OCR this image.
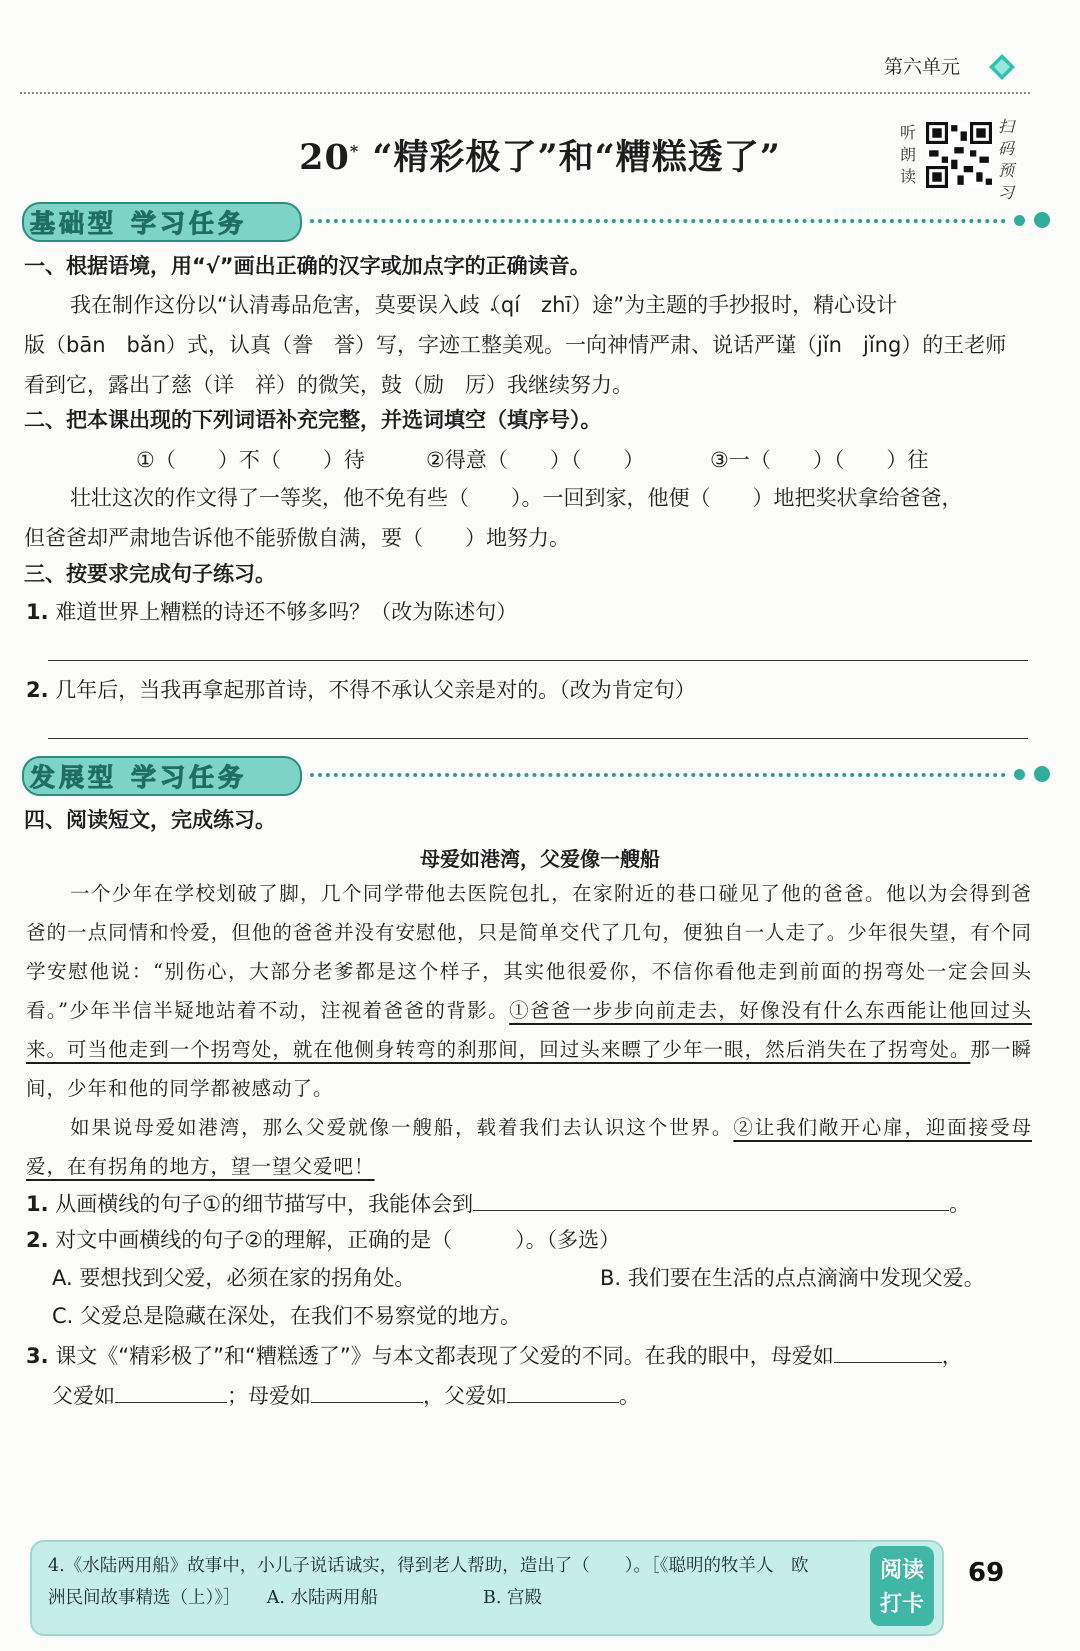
第六单元
20* “精彩极了”和“糟糕透了”
听朗读
扫码预习
基础型 学习任务
一、根据语境，用“√”画出正确的汉字或加点字的正确读音。
我在制作这份以“认清毒品危害，莫要误入歧（qí　zhī）途”为主题的手抄报时，精心设计
版（bān　bǎn）式，认真（誊　誉）写，字迹工整美观。一向神情严肃、说话严谨（jǐn　jǐng）的王老师
看到它，露出了慈（详　祥）的微笑，鼓（励　厉）我继续努力。
二、把本课出现的下列词语补充完整，并选词填空（填序号）。
①（　　）不（　　）待	②得意（　　）（　　）	③一（　　）（　　）往
壮壮这次的作文得了一等奖，他不免有些（　　）。一回到家，他便（　　）地把奖状拿给爸爸，
但爸爸却严肃地告诉他不能骄傲自满，要（　　）地努力。
三、按要求完成句子练习。
1. 难道世界上糟糕的诗还不够多吗？（改为陈述句）
2. 几年后，当我再拿起那首诗，不得不承认父亲是对的。（改为肯定句）
发展型 学习任务
四、阅读短文，完成练习。
母爱如港湾，父爱像一艘船
一个少年在学校划破了脚，几个同学带他去医院包扎，在家附近的巷口碰见了他的爸爸。他以为会得到爸爸的一点同情和怜爱，但他的爸爸并没有安慰他，只是简单交代了几句，便独自一人走了。少年很失望，有个同学安慰他说：“别伤心，大部分老爹都是这个样子，其实他很爱你，不信你看他走到前面的拐弯处一定会回头看。”少年半信半疑地站着不动，注视着爸爸的背影。①爸爸一步步向前走去，好像没有什么东西能让他回过头来。可当他走到一个拐弯处，就在他侧身转弯的刹那间，回过头来瞟了少年一眼，然后消失在了拐弯处。那一瞬间，少年和他的同学都被感动了。
如果说母爱如港湾，那么父爱就像一艘船，载着我们去认识这个世界。②让我们敞开心扉，迎面接受母爱，在有拐角的地方，望一望父爱吧！
1. 从画横线的句子①的细节描写中，我能体会到	。
2. 对文中画横线的句子②的理解，正确的是（　　　）。（多选）
A. 要想找到父爱，必须在家的拐角处。	B. 我们要在生活的点点滴滴中发现父爱。
C. 父爱总是隐藏在深处，在我们不易察觉的地方。
3. 课文《“精彩极了”和“糟糕透了”》与本文都表现了父爱的不同。在我的眼中，母爱如	，
父爱如	；母爱如	，父爱如	。
4.《水陆两用船》故事中，小儿子说话诚实，得到老人帮助，造出了（　　）。［《聪明的牧羊人　欧
洲民间故事精选（上）》］　　A. 水陆两用船　　　　　　B. 宫殿
阅读
打卡
69
